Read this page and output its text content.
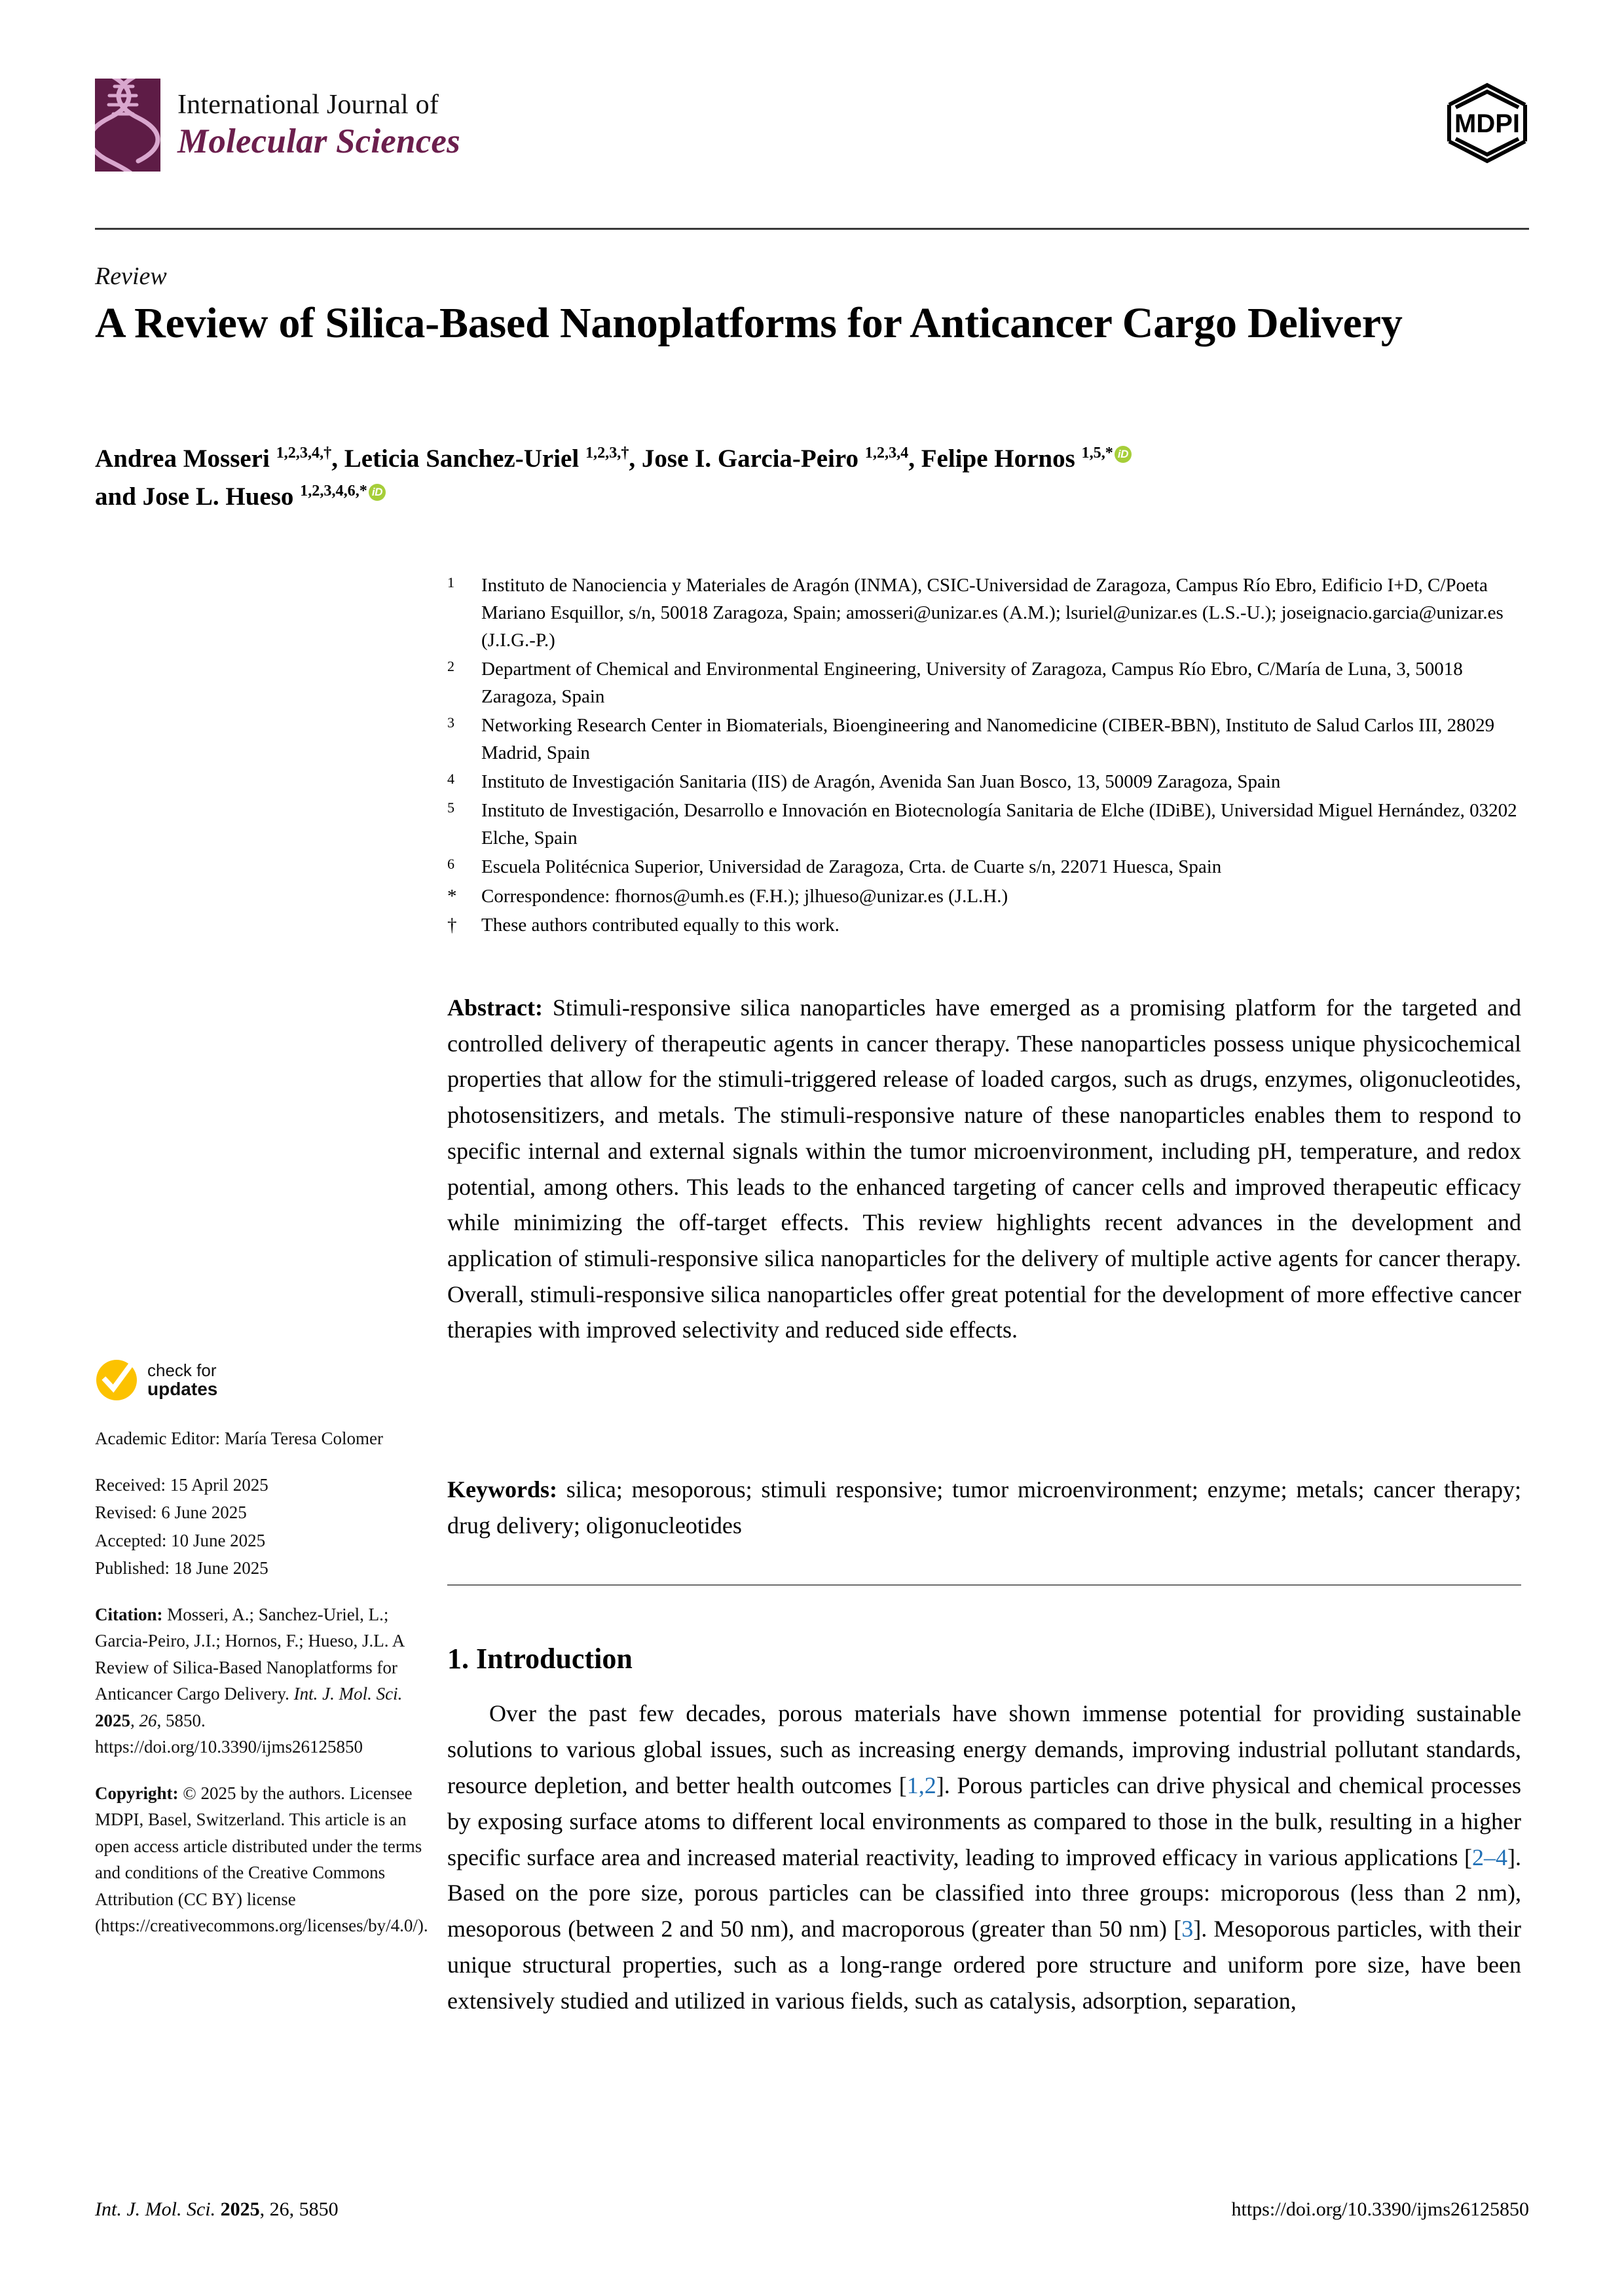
International Journal of
Molecular Sciences	MDPI
Review
A Review of Silica-Based Nanoplatforms for Anticancer Cargo Delivery
Andrea Mosseri $^{1,2,3,4,\dagger}$, Leticia Sanchez-Uriel $^{1,2,3,\dagger}$, Jose I. Garcia-Peiro $^{1,2,3,4}$, Felipe Hornos $^{1,5,*}$ iD
and Jose L. Hueso $^{1,2,3,4,6,*}$ iD
1	Instituto de Nanociencia y Materiales de Aragón (INMA), CSIC-Universidad de Zaragoza, Campus Río Ebro, Edificio I+D, C/Poeta Mariano Esquillor, s/n, 50018 Zaragoza, Spain; amosseri@unizar.es (A.M.); lsuriel@unizar.es (L.S.-U.); joseignacio.garcia@unizar.es (J.I.G.-P.)
2	Department of Chemical and Environmental Engineering, University of Zaragoza, Campus Río Ebro, C/María de Luna, 3, 50018 Zaragoza, Spain
3	Networking Research Center in Biomaterials, Bioengineering and Nanomedicine (CIBER-BBN), Instituto de Salud Carlos III, 28029 Madrid, Spain
4	Instituto de Investigación Sanitaria (IIS) de Aragón, Avenida San Juan Bosco, 13, 50009 Zaragoza, Spain
5	Instituto de Investigación, Desarrollo e Innovación en Biotecnología Sanitaria de Elche (IDiBE), Universidad Miguel Hernández, 03202 Elche, Spain
6	Escuela Politécnica Superior, Universidad de Zaragoza, Crta. de Cuarte s/n, 22071 Huesca, Spain
*	Correspondence: fhornos@umh.es (F.H.); jlhueso@unizar.es (J.L.H.)
†	These authors contributed equally to this work.
Abstract: Stimuli-responsive silica nanoparticles have emerged as a promising platform for the targeted and controlled delivery of therapeutic agents in cancer therapy. These nanoparticles possess unique physicochemical properties that allow for the stimuli-triggered release of loaded cargos, such as drugs, enzymes, oligonucleotides, photosensitizers, and metals. The stimuli-responsive nature of these nanoparticles enables them to respond to specific internal and external signals within the tumor microenvironment, including pH, temperature, and redox potential, among others. This leads to the enhanced targeting of cancer cells and improved therapeutic efficacy while minimizing the off-target effects. This review highlights recent advances in the development and application of stimuli-responsive silica nanoparticles for the delivery of multiple active agents for cancer therapy. Overall, stimuli-responsive silica nanoparticles offer great potential for the development of more effective cancer therapies with improved selectivity and reduced side effects.
Keywords: silica; mesoporous; stimuli responsive; tumor microenvironment; enzyme; metals; cancer therapy; drug delivery; oligonucleotides
1. Introduction
Over the past few decades, porous materials have shown immense potential for providing sustainable solutions to various global issues, such as increasing energy demands, improving industrial pollutant standards, resource depletion, and better health outcomes [1,2]. Porous particles can drive physical and chemical processes by exposing surface atoms to different local environments as compared to those in the bulk, resulting in a higher specific surface area and increased material reactivity, leading to improved efficacy in various applications [2–4]. Based on the pore size, porous particles can be classified into three groups: microporous (less than 2 nm), mesoporous (between 2 and 50 nm), and macroporous (greater than 50 nm) [3]. Mesoporous particles, with their unique structural properties, such as a long-range ordered pore structure and uniform pore size, have been extensively studied and utilized in various fields, such as catalysis, adsorption, separation,
check for
updates
Academic Editor: María Teresa Colomer
Received: 15 April 2025
Revised: 6 June 2025
Accepted: 10 June 2025
Published: 18 June 2025
Citation: Mosseri, A.; Sanchez-Uriel, L.; Garcia-Peiro, J.I.; Hornos, F.; Hueso, J.L. A Review of Silica-Based Nanoplatforms for Anticancer Cargo Delivery. Int. J. Mol. Sci. 2025, 26, 5850. https://doi.org/10.3390/ijms26125850
Copyright: © 2025 by the authors. Licensee MDPI, Basel, Switzerland. This article is an open access article distributed under the terms and conditions of the Creative Commons Attribution (CC BY) license (https://creativecommons.org/licenses/by/4.0/).
Int. J. Mol. Sci. 2025, 26, 5850	https://doi.org/10.3390/ijms26125850
